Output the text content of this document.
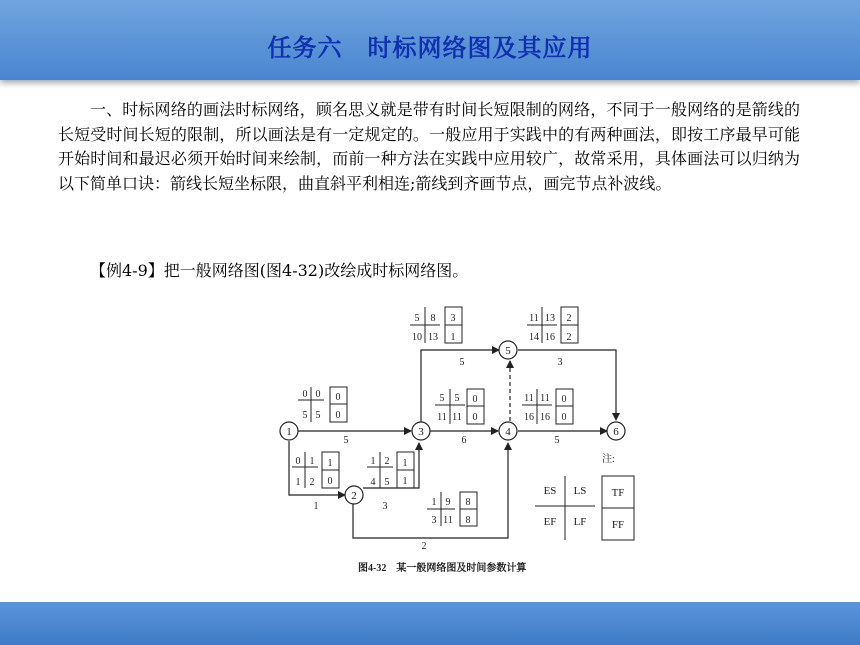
任务六　时标网络图及其应用

一、时标网络的画法时标网络，顾名思义就是带有时间长短限制的网络，不同于一般网络的是箭线的长短受时间长短的限制，所以画法是有一定规定的。一般应用于实践中的有两种画法，即按工序最早可能开始时间和最迟必须开始时间来绘制，而前一种方法在实践中应用较广，故常采用，具体画法可以归纳为以下简单口诀：箭线长短坐标限，曲直斜平利相连;箭线到齐画节点，画完节点补波线。

【例4-9】把一般网络图(图4-32)改绘成时标网络图。
5
1	3
2
5
6
3
5
1
2
3	4
5
6
0 0
5 5
0
0
0 1
1 2
1
0
1 2
4 5
1
1
1 9
3 11
8
8
5 8
10 13
3
1
5 5
11 11
0
0
11 13
14 16
2
2
11 11
16 16
0
0
注:
ES LS
EF LF
TF
FF
图4-32　某一般网络图及时间参数计算
